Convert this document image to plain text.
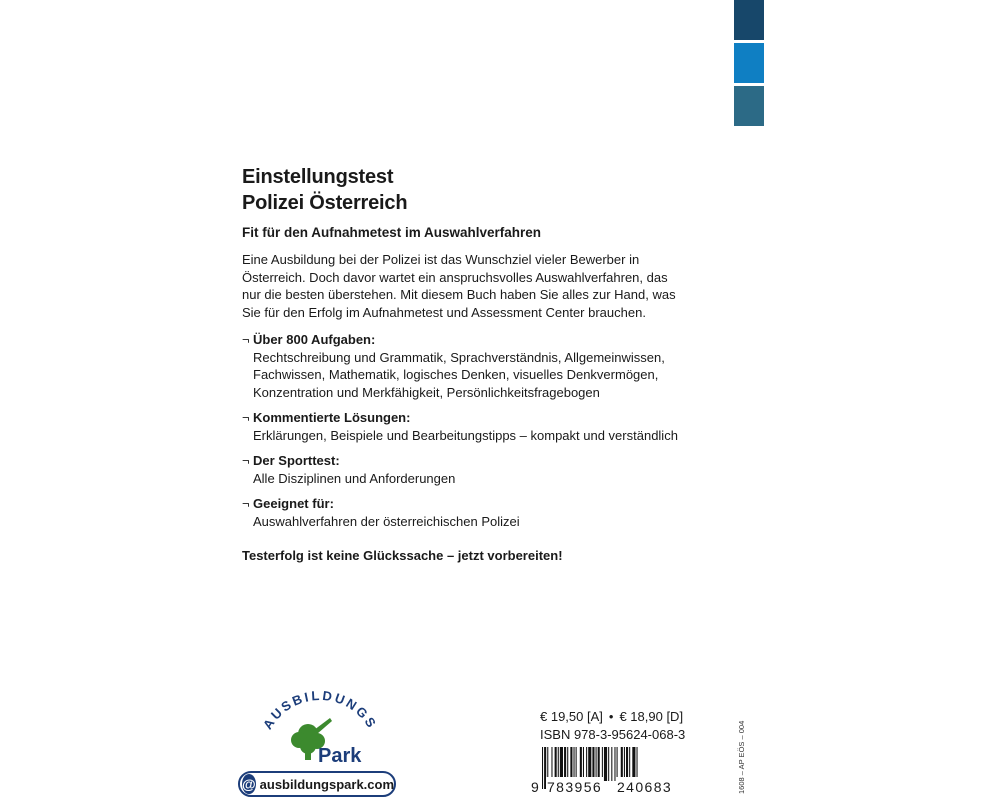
Einstellungstest
Polizei Österreich

Fit für den Aufnahmetest im Auswahlverfahren

Eine Ausbildung bei der Polizei ist das Wunschziel vieler Bewerber in
Österreich. Doch davor wartet ein anspruchsvolles Auswahlverfahren, das
nur die besten überstehen. Mit diesem Buch haben Sie alles zur Hand, was
Sie für den Erfolg im Aufnahmetest und Assessment Center brauchen.

¬ Über 800 Aufgaben:
Rechtschreibung und Grammatik, Sprachverständnis, Allgemeinwissen,
Fachwissen, Mathematik, logisches Denken, visuelles Denkvermögen,
Konzentration und Merkfähigkeit, Persönlichkeitsfragebogen
¬ Kommentierte Lösungen:
Erklärungen, Beispiele und Bearbeitungstipps – kompakt und verständlich
¬ Der Sporttest:
Alle Disziplinen und Anforderungen
¬ Geeignet für:
Auswahlverfahren der österreichischen Polizei

Testerfolg ist keine Glückssache – jetzt vorbereiten!

AUSBILDUNGS
Park
@ ausbildungspark.com
€ 19,50 [A] • € 18,90 [D]
ISBN 978-3-95624-068-3
9 783956 240683	1608 – AP EÖS – 004
